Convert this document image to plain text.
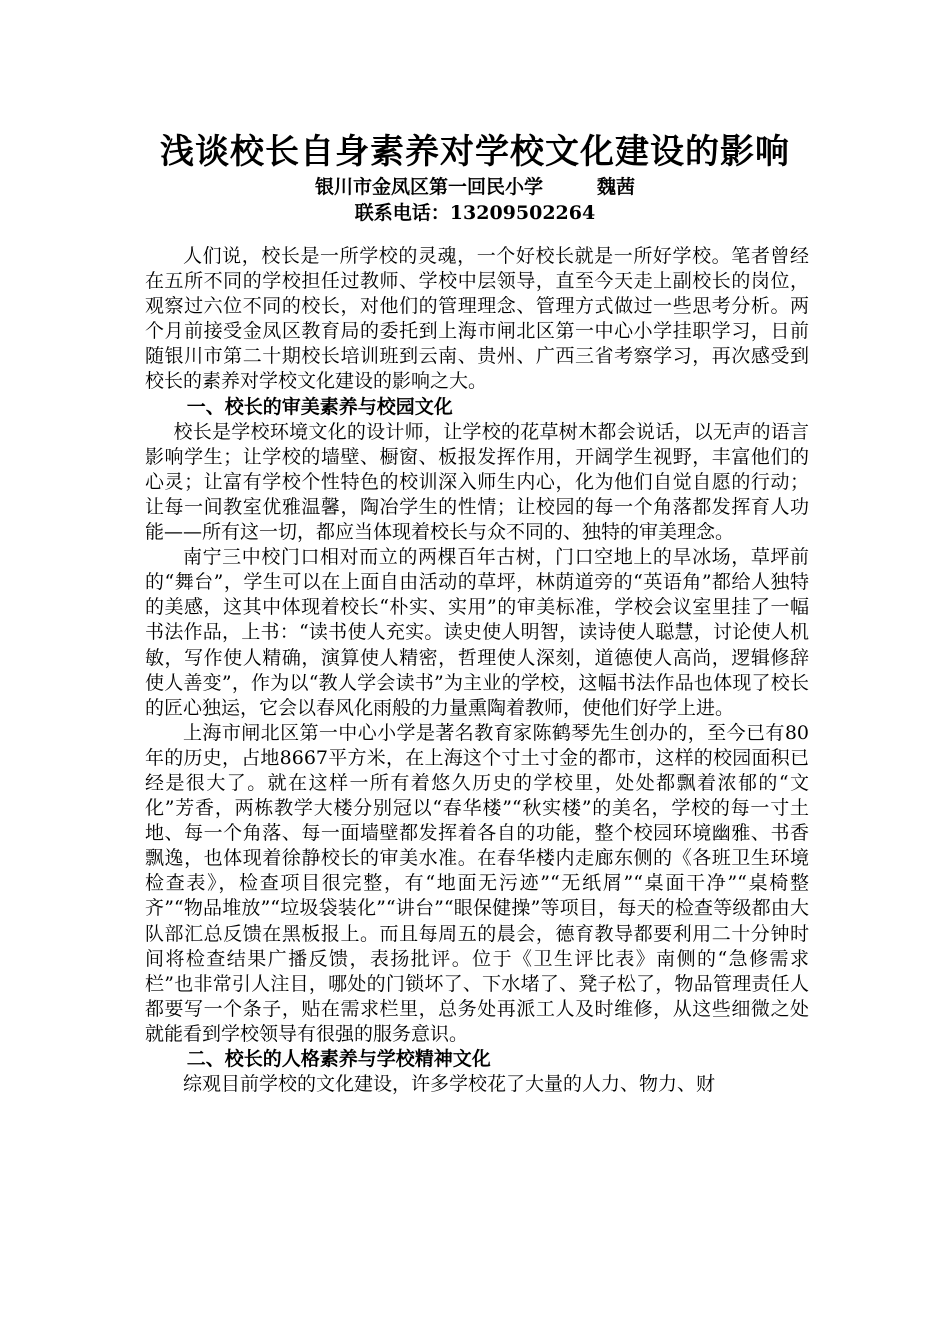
浅谈校长自身素养对学校文化建设的影响
银川市金凤区第一回民小学	魏茜
联系电话：13209502264

人们说，校长是一所学校的灵魂，一个好校长就是一所好学校。笔者曾经在五所不同的学校担任过教师、学校中层领导，直至今天走上副校长的岗位，观察过六位不同的校长，对他们的管理理念、管理方式做过一些思考分析。两个月前接受金凤区教育局的委托到上海市闸北区第一中心小学挂职学习，日前随银川市第二十期校长培训班到云南、贵州、广西三省考察学习，再次感受到校长的素养对学校文化建设的影响之大。

一、校长的审美素养与校园文化

校长是学校环境文化的设计师，让学校的花草树木都会说话，以无声的语言影响学生；让学校的墙壁、橱窗、板报发挥作用，开阔学生视野，丰富他们的心灵；让富有学校个性特色的校训深入师生内心，化为他们自觉自愿的行动；让每一间教室优雅温馨，陶冶学生的性情；让校园的每一个角落都发挥育人功能——所有这一切，都应当体现着校长与众不同的、独特的审美理念。

南宁三中校门口相对而立的两棵百年古树，门口空地上的旱冰场，草坪前的“舞台”，学生可以在上面自由活动的草坪，林荫道旁的“英语角”都给人独特的美感，这其中体现着校长“朴实、实用”的审美标准，学校会议室里挂了一幅书法作品，上书：“读书使人充实。读史使人明智，读诗使人聪慧，讨论使人机敏，写作使人精确，演算使人精密，哲理使人深刻，道德使人高尚，逻辑修辞使人善变”，作为以“教人学会读书”为主业的学校，这幅书法作品也体现了校长的匠心独运，它会以春风化雨般的力量熏陶着教师，使他们好学上进。

上海市闸北区第一中心小学是著名教育家陈鹤琴先生创办的，至今已有80年的历史，占地8667平方米，在上海这个寸土寸金的都市，这样的校园面积已经是很大了。就在这样一所有着悠久历史的学校里，处处都飘着浓郁的“文化”芳香，两栋教学大楼分别冠以“春华楼”“秋实楼”的美名，学校的每一寸土地、每一个角落、每一面墙壁都发挥着各自的功能，整个校园环境幽雅、书香飘逸，也体现着徐静校长的审美水准。在春华楼内走廊东侧的《各班卫生环境检查表》，检查项目很完整，有“地面无污迹”“无纸屑”“桌面干净”“桌椅整齐”“物品堆放”“垃圾袋装化”“讲台”“眼保健操”等项目，每天的检查等级都由大队部汇总反馈在黑板报上。而且每周五的晨会，德育教导都要利用二十分钟时间将检查结果广播反馈，表扬批评。位于《卫生评比表》南侧的“急修需求栏”也非常引人注目，哪处的门锁坏了、下水堵了、凳子松了，物品管理责任人都要写一个条子，贴在需求栏里，总务处再派工人及时维修，从这些细微之处就能看到学校领导有很强的服务意识。

二、校长的人格素养与学校精神文化

综观目前学校的文化建设，许多学校花了大量的人力、物力、财
